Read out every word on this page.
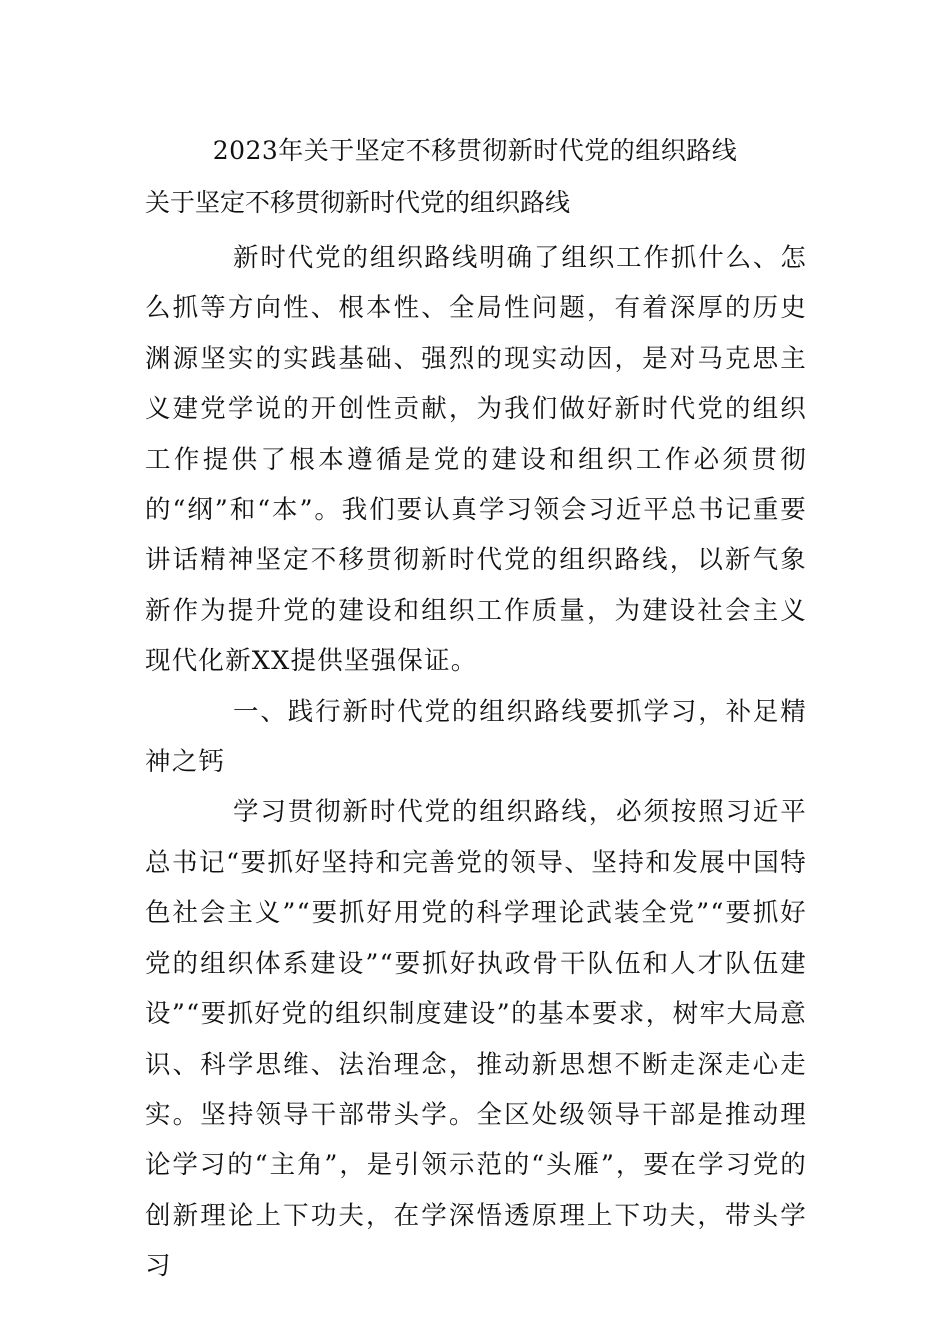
2023年关于坚定不移贯彻新时代党的组织路线
关于坚定不移贯彻新时代党的组织路线

新时代党的组织路线明确了组织工作抓什么、怎么抓等方向性、根本性、全局性问题，有着深厚的历史渊源坚实的实践基础、强烈的现实动因，是对马克思主义建党学说的开创性贡献，为我们做好新时代党的组织工作提供了根本遵循是党的建设和组织工作必须贯彻的“纲”和“本”。我们要认真学习领会习近平总书记重要讲话精神坚定不移贯彻新时代党的组织路线，以新气象新作为提升党的建设和组织工作质量，为建设社会主义现代化新XX提供坚强保证。

一、践行新时代党的组织路线要抓学习，补足精神之钙

学习贯彻新时代党的组织路线，必须按照习近平总书记“要抓好坚持和完善党的领导、坚持和发展中国特色社会主义”“要抓好用党的科学理论武装全党”“要抓好党的组织体系建设”“要抓好执政骨干队伍和人才队伍建设”“要抓好党的组织制度建设”的基本要求，树牢大局意识、科学思维、法治理念，推动新思想不断走深走心走实。坚持领导干部带头学。全区处级领导干部是推动理论学习的“主角”，是引领示范的“头雁”，要在学习党的创新理论上下功夫，在学深悟透原理上下功夫，带头学习
